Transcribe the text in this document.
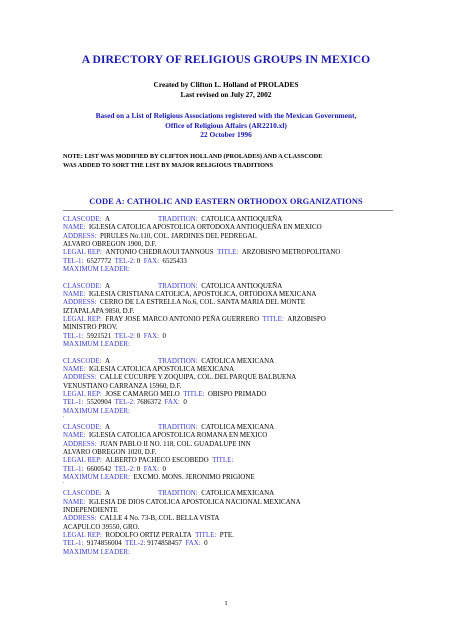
A DIRECTORY OF RELIGIOUS GROUPS IN MEXICO
Created by Clifton L. Holland of PROLADES
Last revised on July 27, 2002
Based on a List of Religious Associations registered with the Mexican Government,
Office of Religious Affairs (AR2210.xl)
22 October 1996
NOTE: LIST WAS MODIFIED BY CLIFTON HOLLAND (PROLADES) AND A CLASSCODE
WAS ADDED TO SORT THE LIST BY MAJOR RELIGIOUS TRADITIONS
CODE A: CATHOLIC AND EASTERN ORTHODOX ORGANIZATIONS
CLASCODE: A	TRADITION: CATOLICA ANTIOQUEÑA
NAME: IGLESIA CATOLICA APOSTOLICA ORTODOXA ANTIOQUEÑA EN MEXICO
ADDRESS: PIRULES No.110, COL. JARDINES DEL PEDREGAL
ALVARO OBREGON 1900, D.F.
LEGAL REP: ANTONIO CHEDRAOUI TANNOUS TITLE: ARZOBISPO METROPOLITANO
TEL-1: 6527772 TEL-2: 0 FAX: 6525433
MAXIMUM LEADER:
CLASCODE: A	TRADITION: CATOLICA ANTIOQUEÑA
NAME: IGLESIA CRISTIANA CATOLICA, APOSTOLICA, ORTODOXA MEXICANA
ADDRESS: CERRO DE LA ESTRELLA No.6, COL. SANTA MARIA DEL MONTE
IZTAPALAPA 9850, D.F.
LEGAL REP: FRAY JOSE MARCO ANTONIO PEÑA GUERRERO TITLE: ARZOBISPO
MINISTRO PROV.
TEL-1: 5921521 TEL-2: 0 FAX: 0
MAXIMUM LEADER:
CLASCODE: A	TRADITION: CATOLICA MEXICANA
NAME: IGLESIA CATOLICA APOSTOLICA MEXICANA
ADDRESS: CALLE CUCURPE Y ZOQUIPA, COL. DEL PARQUE BALBUENA
VENUSTIANO CARRANZA 15960, D.F.
LEGAL REP: JOSE CAMARGO MELO TITLE: OBISPO PRIMADO
TEL-1: 5520904 TEL-2: 7686372 FAX: 0
MAXIMUM LEADER:
.
CLASCODE: A	TRADITION: CATOLICA MEXICANA
NAME: IGLESIA CATOLICA APOSTOLICA ROMANA EN MEXICO
ADDRESS: JUAN PABLO II NO. 118, COL. GUADALUPE INN
ALVARO OBREGON 1020, D.F.
LEGAL REP: ALBERTO PACHECO ESCOBEDO TITLE:
TEL-1: 6600542 TEL-2: 0 FAX: 0
MAXIMUM LEADER: EXCMO. MONS. JERONIMO PRIGIONE
.
CLASCODE: A	TRADITION: CATOLICA MEXICANA
NAME: IGLESIA DE DIOS CATOLICA APOSTOLICA NACIONAL MEXICANA
INDEPENDIENTE
ADDRESS: CALLE 4 No. 73-B, COL. BELLA VISTA
ACAPULCO 39550, GRO.
LEGAL REP: RODOLFO ORTIZ PERALTA TITLE: PTE.
TEL-1: 9174856004 TEL-2: 9174858457 FAX: 0
MAXIMUM LEADER:
1
